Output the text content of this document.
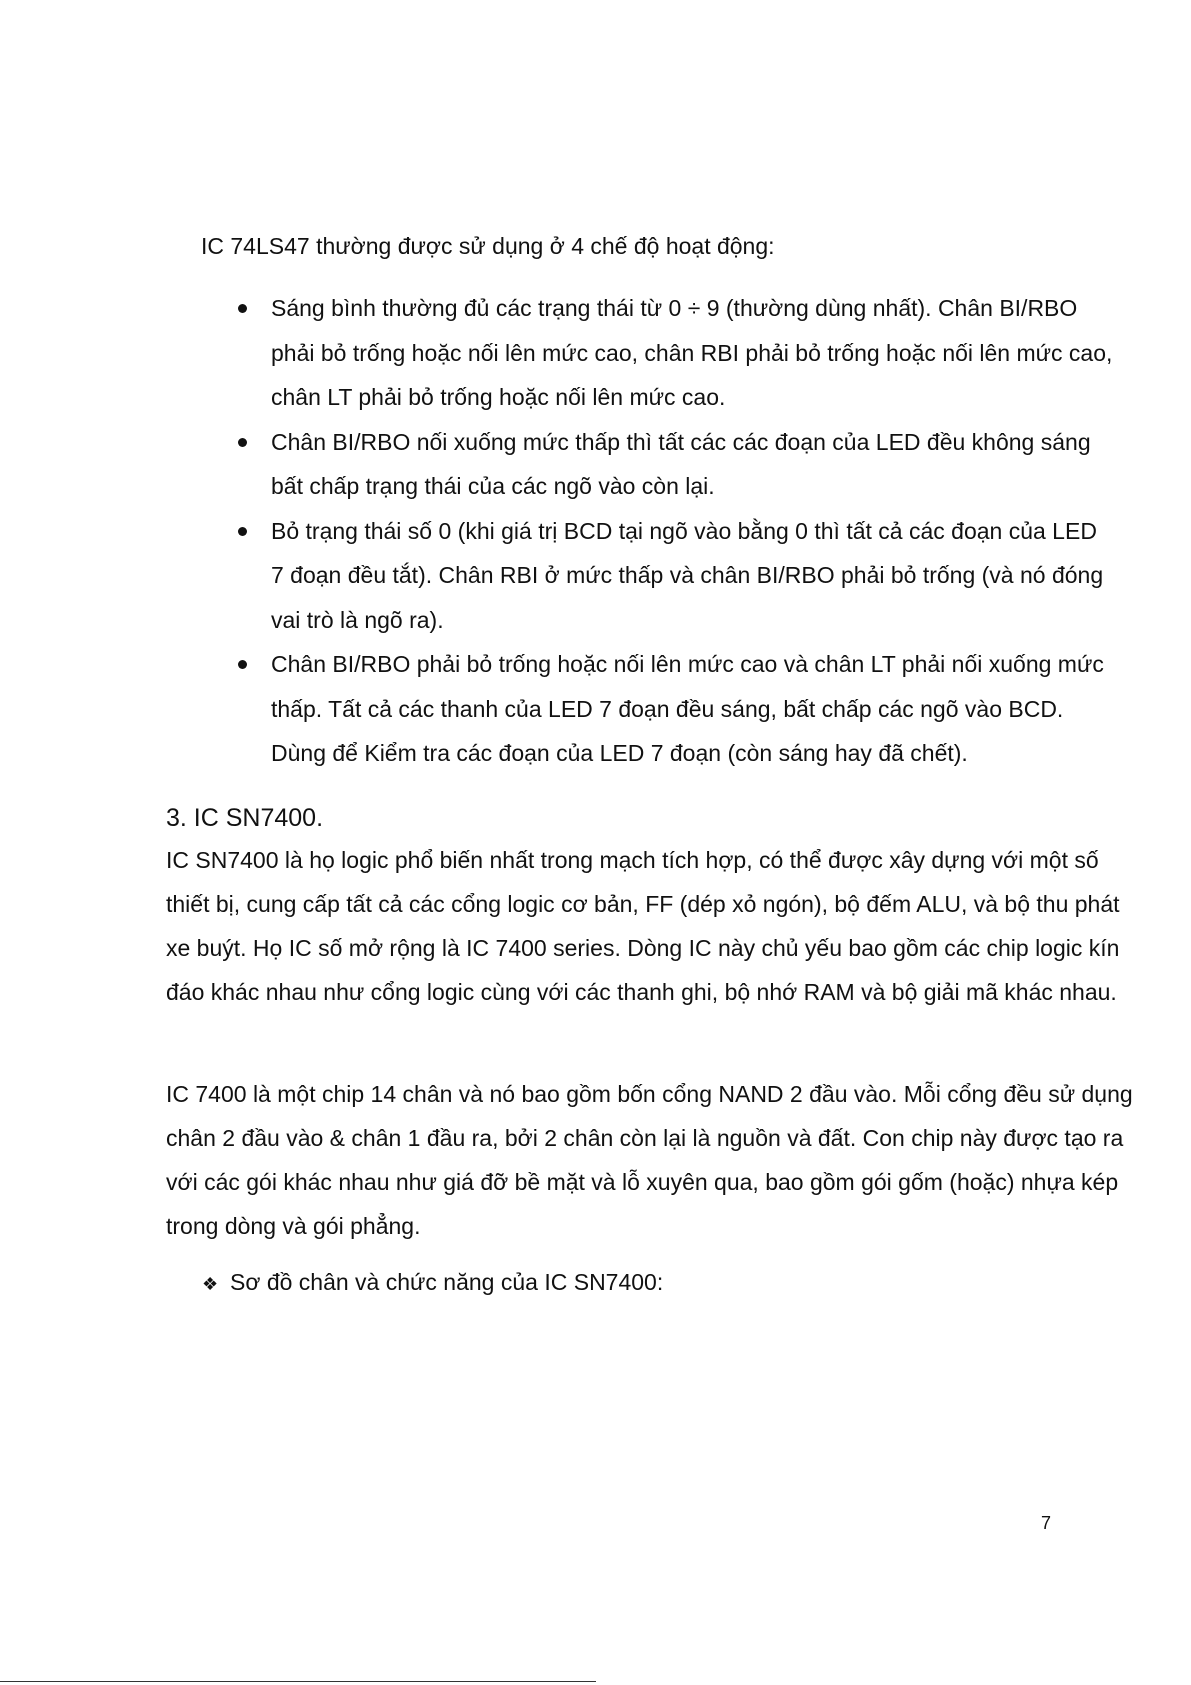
IC 74LS47 thường được sử dụng ở 4 chế độ hoạt động:

Sáng bình thường đủ các trạng thái từ 0 ÷ 9 (thường dùng nhất). Chân BI/RBO phải bỏ trống hoặc nối lên mức cao, chân RBI phải bỏ trống hoặc nối lên mức cao, chân LT phải bỏ trống hoặc nối lên mức cao.
Chân BI/RBO nối xuống mức thấp thì tất các các đoạn của LED đều không sáng bất chấp trạng thái của các ngõ vào còn lại.
Bỏ trạng thái số 0 (khi giá trị BCD tại ngõ vào bằng 0 thì tất cả các đoạn của LED 7 đoạn đều tắt). Chân RBI ở mức thấp và chân BI/RBO phải bỏ trống (và nó đóng vai trò là ngõ ra).
Chân BI/RBO phải bỏ trống hoặc nối lên mức cao và chân LT phải nối xuống mức thấp. Tất cả các thanh của LED 7 đoạn đều sáng, bất chấp các ngõ vào BCD. Dùng để Kiểm tra các đoạn của LED 7 đoạn (còn sáng hay đã chết).
3. IC SN7400.

IC SN7400 là họ logic phổ biến nhất trong mạch tích hợp, có thể được xây dựng với một số thiết bị, cung cấp tất cả các cổng logic cơ bản, FF (dép xỏ ngón), bộ đếm ALU, và bộ thu phát xe buýt. Họ IC số mở rộng là IC 7400 series. Dòng IC này chủ yếu bao gồm các chip logic kín đáo khác nhau như cổng logic cùng với các thanh ghi, bộ nhớ RAM và bộ giải mã khác nhau.

IC 7400 là một chip 14 chân và nó bao gồm bốn cổng NAND 2 đầu vào. Mỗi cổng đều sử dụng chân 2 đầu vào & chân 1 đầu ra, bởi 2 chân còn lại là nguồn và đất. Con chip này được tạo ra với các gói khác nhau như giá đỡ bề mặt và lỗ xuyên qua, bao gồm gói gốm (hoặc) nhựa kép trong dòng và gói phẳng.

❖ Sơ đồ chân và chức năng của IC SN7400:

7
